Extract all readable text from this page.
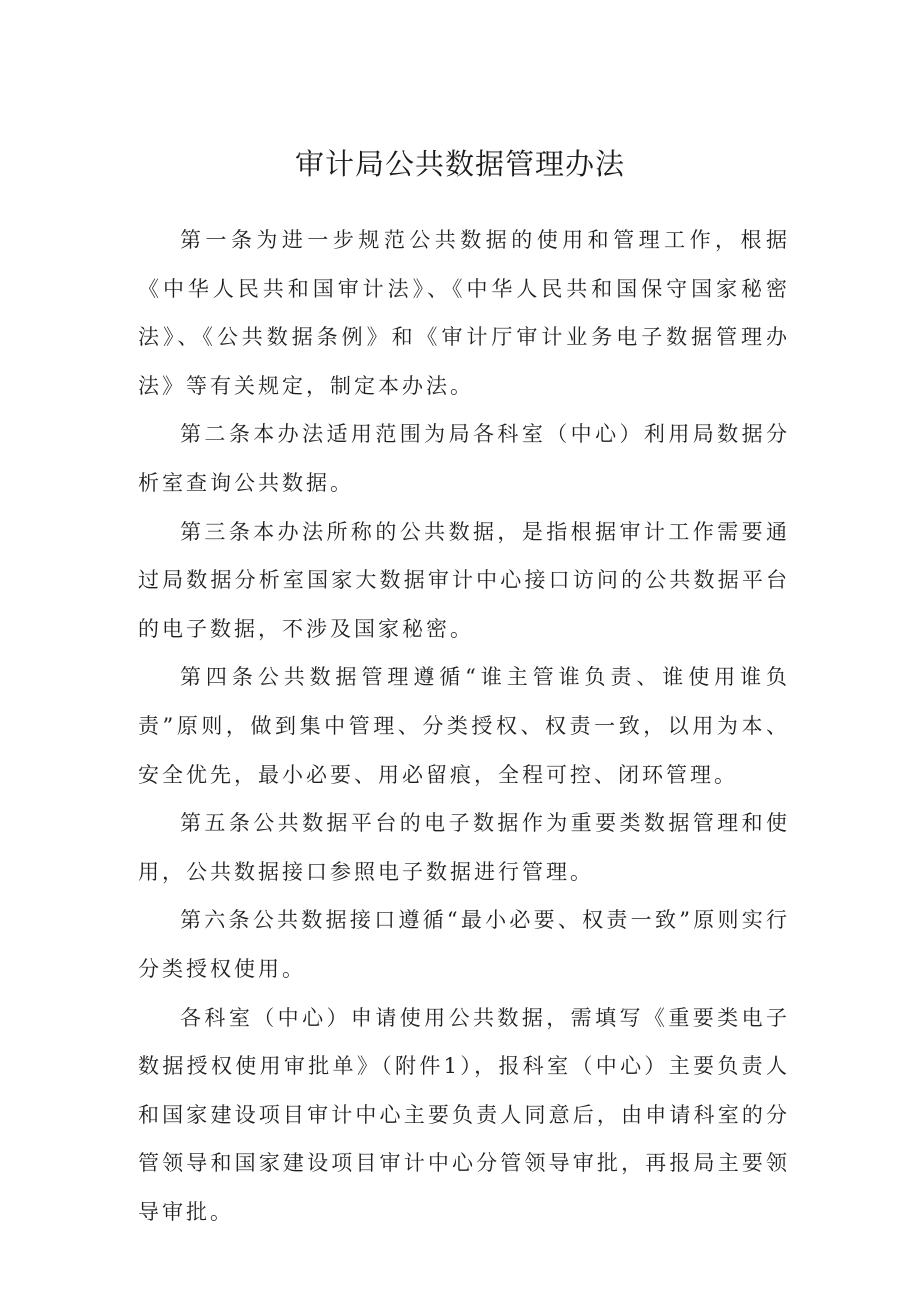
审计局公共数据管理办法

第一条为进一步规范公共数据的使用和管理工作，根据《中华人民共和国审计法》、《中华人民共和国保守国家秘密法》、《公共数据条例》和《审计厅审计业务电子数据管理办法》等有关规定，制定本办法。

第二条本办法适用范围为局各科室（中心）利用局数据分析室查询公共数据。

第三条本办法所称的公共数据，是指根据审计工作需要通过局数据分析室国家大数据审计中心接口访问的公共数据平台的电子数据，不涉及国家秘密。

第四条公共数据管理遵循“谁主管谁负责、谁使用谁负责”原则，做到集中管理、分类授权、权责一致，以用为本、安全优先，最小必要、用必留痕，全程可控、闭环管理。

第五条公共数据平台的电子数据作为重要类数据管理和使用，公共数据接口参照电子数据进行管理。

第六条公共数据接口遵循“最小必要、权责一致”原则实行分类授权使用。

各科室（中心）申请使用公共数据，需填写《重要类电子数据授权使用审批单》（附件1），报科室（中心）主要负责人和国家建设项目审计中心主要负责人同意后，由申请科室的分管领导和国家建设项目审计中心分管领导审批，再报局主要领导审批。
